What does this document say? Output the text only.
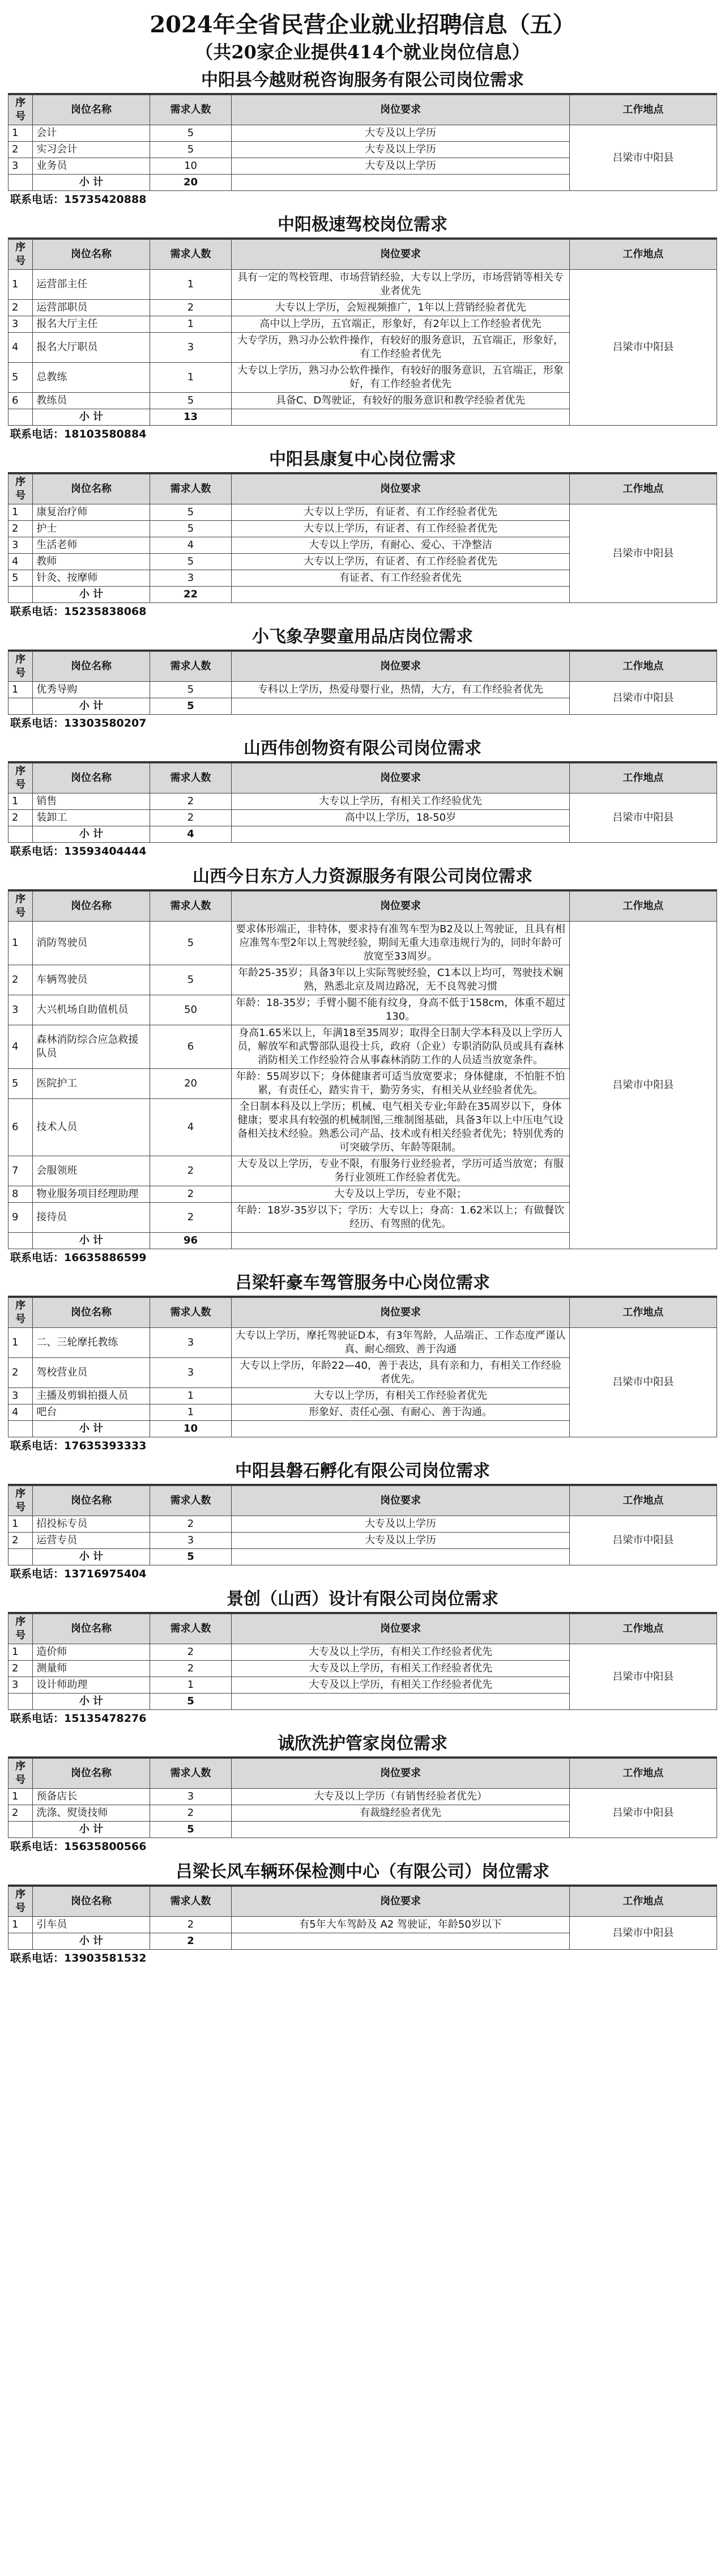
2024年全省民营企业就业招聘信息（五）
（共20家企业提供414个就业岗位信息）
中阳县今越财税咨询服务有限公司岗位需求
序号	岗位名称	需求人数	岗位要求	工作地点
1	会计	5	大专及以上学历	吕梁市中阳县
2	实习会计	5	大专及以上学历	
3	业务员	10	大专及以上学历	
	小 计	20		
联系电话：15735420888
中阳极速驾校岗位需求
序号	岗位名称	需求人数	岗位要求	工作地点
1	运营部主任	1	具有一定的驾校管理、市场营销经验，大专以上学历，市场营销等相关专业者优先	吕梁市中阳县
2	运营部职员	2	大专以上学历，会短视频推广，1年以上营销经验者优先	
3	报名大厅主任	1	高中以上学历，五官端正，形象好，有2年以上工作经验者优先	
4	报名大厅职员	3	大专学历，熟习办公软件操作，有较好的服务意识，五官端正，形象好，有工作经验者优先	
5	总教练	1	大专以上学历，熟习办公软件操作，有较好的服务意识，五官端正，形象好，有工作经验者优先	
6	教练员	5	具备C、D驾驶证，有较好的服务意识和教学经验者优先	
	小 计	13		
联系电话：18103580884
中阳县康复中心岗位需求
序号	岗位名称	需求人数	岗位要求	工作地点
1	康复治疗师	5	大专以上学历，有证者、有工作经验者优先	吕梁市中阳县
2	护士	5	大专以上学历，有证者、有工作经验者优先	
3	生活老师	4	大专以上学历，有耐心、爱心、干净整洁	
4	教师	5	大专以上学历，有证者、有工作经验者优先	
5	针灸、按摩师	3	有证者、有工作经验者优先	
	小 计	22		
联系电话：15235838068
小飞象孕婴童用品店岗位需求
序号	岗位名称	需求人数	岗位要求	工作地点
1	优秀导购	5	专科以上学历，热爱母婴行业，热情，大方，有工作经验者优先	吕梁市中阳县
	小 计	5		
联系电话：13303580207
山西伟创物资有限公司岗位需求
序号	岗位名称	需求人数	岗位要求	工作地点
1	销售	2	大专以上学历，有相关工作经验优先	吕梁市中阳县
2	装卸工	2	高中以上学历，18-50岁	
	小 计	4		
联系电话：13593404444
山西今日东方人力资源服务有限公司岗位需求
序号	岗位名称	需求人数	岗位要求	工作地点
1	消防驾驶员	5	要求体形端正，非特体，要求持有准驾车型为B2及以上驾驶证，且具有相应准驾车型2年以上驾驶经验，期间无重大违章违规行为的，同时年龄可放宽至33周岁。	吕梁市中阳县
2	车辆驾驶员	5	年龄25-35岁；具备3年以上实际驾驶经验，C1本以上均可，驾驶技术娴熟，熟悉北京及周边路况，无不良驾驶习惯	
3	大兴机场自助值机员	50	年龄：18-35岁；手臂小腿不能有纹身，身高不低于158cm，体重不超过130。	
4	森林消防综合应急救援队员	6	身高1.65米以上，年满18至35周岁；取得全日制大学本科及以上学历人员，解放军和武警部队退役士兵，政府（企业）专职消防队员或具有森林消防相关工作经验符合从事森林消防工作的人员适当放宽条件。	
5	医院护工	20	年龄：55周岁以下；身体健康者可适当放宽要求；身体健康，不怕脏不怕累，有责任心，踏实肯干，勤劳务实，有相关从业经验者优先。	
6	技术人员	4	全日制本科及以上学历；机械、电气相关专业;年龄在35周岁以下，身体健康；要求具有较强的机械制图,三维制图基础，具备3年以上中压电气设备相关技术经验。熟悉公司产品、技术或有相关经验者优先；特别优秀的可突破学历、年龄等限制。	
7	会服领班	2	大专及以上学历，专业不限，有服务行业经验者，学历可适当放宽；有服务行业领班工作经验者优先。	
8	物业服务项目经理助理	2	大专及以上学历，专业不限；	
9	接待员	2	年龄：18岁-35岁以下；学历：大专以上；身高：1.62米以上；有做餐饮经历、有驾照的优先。	
	小 计	96		
联系电话：16635886599
吕梁轩豪车驾管服务中心岗位需求
序号	岗位名称	需求人数	岗位要求	工作地点
1	二、三轮摩托教练	3	大专以上学历，摩托驾驶证D本，有3年驾龄，人品端正、工作态度严谨认真、耐心细致、善于沟通	吕梁市中阳县
2	驾校营业员	3	大专以上学历，年龄22—40，善于表达，具有亲和力，有相关工作经验者优先。	
3	主播及剪辑拍摄人员	1	大专以上学历，有相关工作经验者优先	
4	吧台	1	形象好、责任心强、有耐心、善于沟通。	
	小 计	10		
联系电话：17635393333
中阳县磐石孵化有限公司岗位需求
序号	岗位名称	需求人数	岗位要求	工作地点
1	招投标专员	2	大专及以上学历	吕梁市中阳县
2	运营专员	3	大专及以上学历	
	小 计	5		
联系电话：13716975404
景创（山西）设计有限公司岗位需求
序号	岗位名称	需求人数	岗位要求	工作地点
1	造价师	2	大专及以上学历，有相关工作经验者优先	吕梁市中阳县
2	测量师	2	大专及以上学历，有相关工作经验者优先	
3	设计师助理	1	大专及以上学历，有相关工作经验者优先	
	小 计	5		
联系电话：15135478276
诚欣洗护管家岗位需求
序号	岗位名称	需求人数	岗位要求	工作地点
1	预备店长	3	大专及以上学历（有销售经验者优先）	吕梁市中阳县
2	洗涤、熨烫技师	2	有裁缝经验者优先	
	小 计	5		
联系电话：15635800566
吕梁长风车辆环保检测中心（有限公司）岗位需求
序号	岗位名称	需求人数	岗位要求	工作地点
1	引车员	2	有5年大车驾龄及 A2 驾驶证，年龄50岁以下	吕梁市中阳县
	小 计	2		
联系电话：13903581532
